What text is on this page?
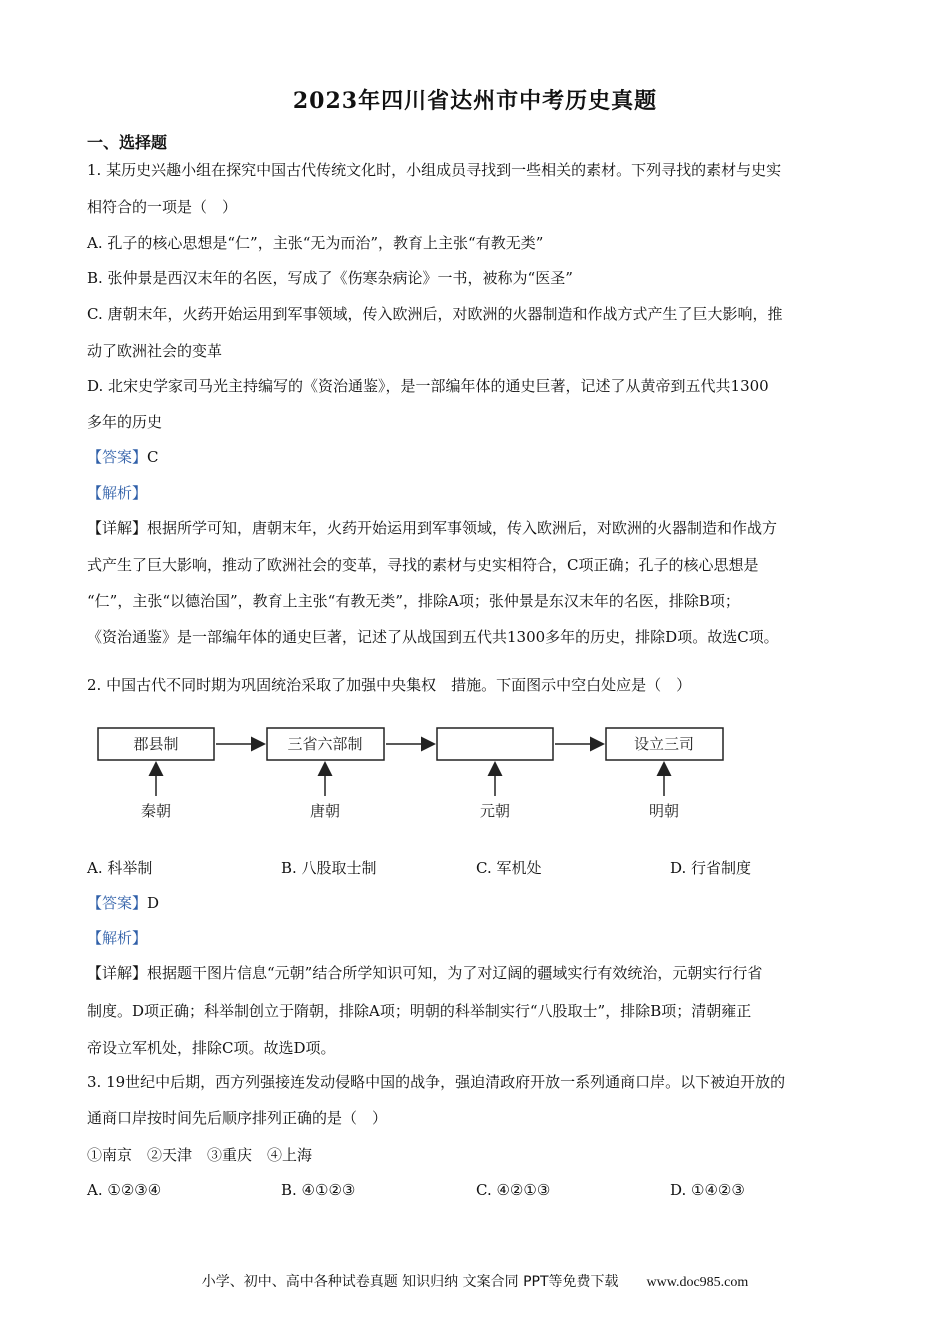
2023年四川省达州市中考历史真题
一、选择题
1. 某历史兴趣小组在探究中国古代传统文化时，小组成员寻找到一些相关的素材。下列寻找的素材与史实
相符合的一项是（　）
A. 孔子的核心思想是“仁”，主张“无为而治”，教育上主张“有教无类”
B. 张仲景是西汉末年的名医，写成了《伤寒杂病论》一书，被称为“医圣”
C. 唐朝末年，火药开始运用到军事领域，传入欧洲后，对欧洲的火器制造和作战方式产生了巨大影响，推
动了欧洲社会的变革
D. 北宋史学家司马光主持编写的《资治通鉴》，是一部编年体的通史巨著，记述了从黄帝到五代共1300
多年的历史
【答案】C
【解析】
【详解】根据所学可知，唐朝末年，火药开始运用到军事领域，传入欧洲后，对欧洲的火器制造和作战方
式产生了巨大影响，推动了欧洲社会的变革，寻找的素材与史实相符合，C项正确；孔子的核心思想是
“仁”，主张“以德治国”，教育上主张“有教无类”，排除A项；张仲景是东汉末年的名医，排除B项；
《资治通鉴》是一部编年体的通史巨著，记述了从战国到五代共1300多年的历史，排除D项。故选C项。
2. 中国古代不同时期为巩固统治采取了加强中央集权　措施。下面图示中空白处应是（　）
郡县制	三省六部制	设立三司
秦朝	唐朝	元朝	明朝
A. 科举制	B. 八股取士制	C. 军机处	D. 行省制度
【答案】D
【解析】
【详解】根据题干图片信息“元朝”结合所学知识可知，为了对辽阔的疆域实行有效统治，元朝实行行省
制度。D项正确；科举制创立于隋朝，排除A项；明朝的科举制实行“八股取士”，排除B项；清朝雍正
帝设立军机处，排除C项。故选D项。
3. 19世纪中后期，西方列强接连发动侵略中国的战争，强迫清政府开放一系列通商口岸。以下被迫开放的
通商口岸按时间先后顺序排列正确的是（　）
①南京　②天津　③重庆　④上海
A. ①②③④	B. ④①②③	C. ④②①③	D. ①④②③
小学、初中、高中各种试卷真题 知识归纳 文案合同 PPT等免费下载 www.doc985.com
